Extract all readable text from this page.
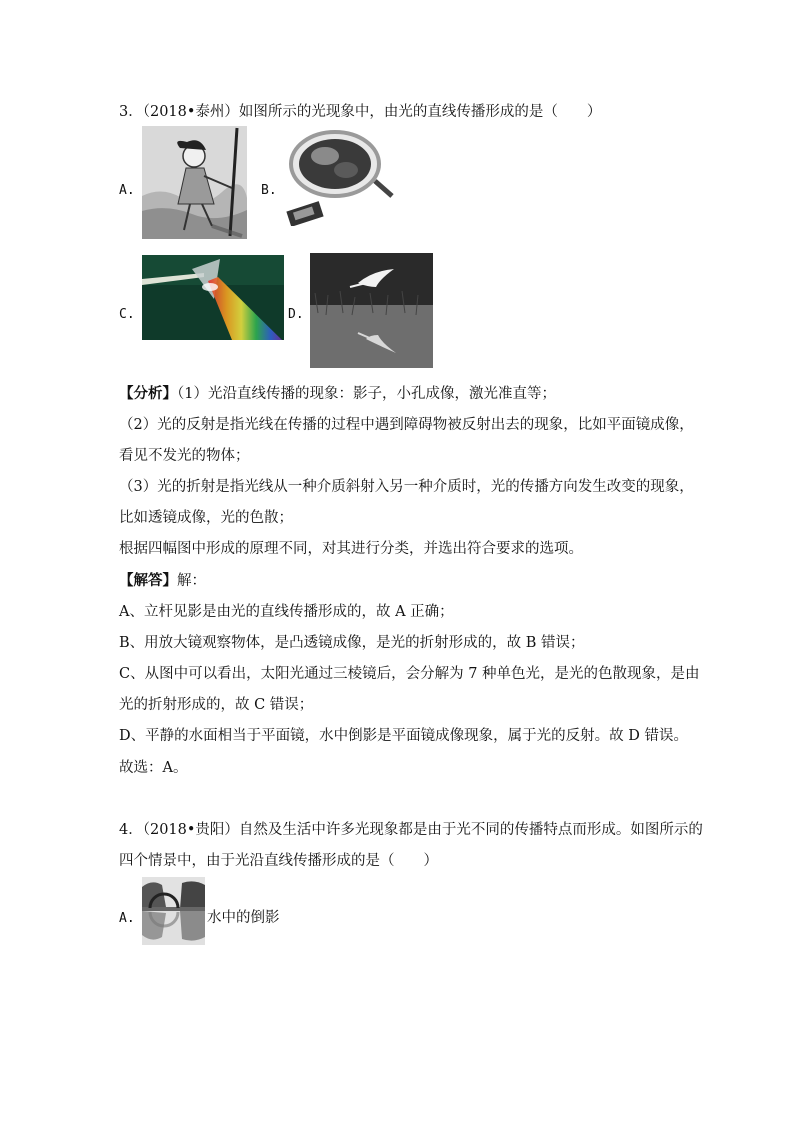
3．（2018•泰州）如图所示的光现象中，由光的直线传播形成的是（　　）
A.	B.
C.	D.
【分析】（1）光沿直线传播的现象：影子，小孔成像，激光准直等；
（2）光的反射是指光线在传播的过程中遇到障碍物被反射出去的现象，比如平面镜成像，
看见不发光的物体；
（3）光的折射是指光线从一种介质斜射入另一种介质时，光的传播方向发生改变的现象，
比如透镜成像，光的色散；
根据四幅图中形成的原理不同，对其进行分类，并选出符合要求的选项。
【解答】解：
A、立杆见影是由光的直线传播形成的，故 A 正确；
B、用放大镜观察物体，是凸透镜成像，是光的折射形成的，故 B 错误；
C、从图中可以看出，太阳光通过三棱镜后，会分解为 7 种单色光，是光的色散现象，是由
光的折射形成的，故 C 错误；
D、平静的水面相当于平面镜，水中倒影是平面镜成像现象，属于光的反射。故 D 错误。
故选：A。
4．（2018•贵阳）自然及生活中许多光现象都是由于光不同的传播特点而形成。如图所示的
四个情景中，由于光沿直线传播形成的是（　　）
A.	水中的倒影
